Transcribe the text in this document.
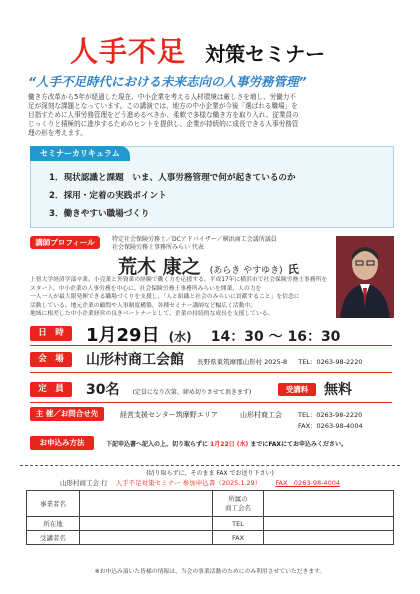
人手不足 対策セミナー
“人手不足時代における未来志向の人事労務管理”
働き方改革から5年が経過した現在、中小企業を考える人材環境は厳しさを増し、労働力不
足が深刻な課題となっています。この講演では、地方の中小企業が今後「選ばれる職場」を
目指すために人事労務管理をどう進めるべきか、柔軟で多様な働き方を取り入れ、従業員の
じっくりと積極的に進歩するためのヒントを提供し、企業が持続的に成長できる人事労務管
理の形を考えます。
セミナーカリキュラム
1．現状認識と課題　いま、人事労務管理で何が起きているのか
2．採用・定着の実践ポイント
3．働きやすい職場づくり
講師プロフィール	特定社会保険労務士／DCアドバイザー／横浜商工会議所議員
社会保険労務士事務所みらい 代表
荒木 康之 (あらき やすゆき) 氏
上智大学経済学部卒業。小売業と外資業の経験で働く方を応援する。平成17年に横浜市で社会保険労務士事務所を
スタート。中小企業の人事労務を中心に、社会保険労務士事務所みらいを開業、人の力を
一人一人が最大限発揮できる職場づくりを支援し、「人と組織と社会のみらいに貢献すること」を信念に
活動している。地元企業の顧問や人事制度構築、各種セミナー講師など幅広く活動中。
地域に根差した中小企業経営の良きパートナーとして、企業の持続的な成長を支援している。
日　時	1月29日 (水) 14：30 〜 16：30
会　場	山形村商工会館 長野県東筑摩郡山形村 2025-8 TEL：0263-98-2220
定　員	30名 (定員になり次第、締め切りさせて頂きます)	受講料	無料
主 催／お問合せ先	経営支援センター筑摩野エリア	山形村商工会 TEL：0263-98-2220
FAX：0263-98-4004
お申込み方法	下記申込書へ記入の上、切り取らずに 1月22日 (水) までにFAXにてお申込みください。
(切り取らずに、そのまま FAX でお送り下さい)
山形村商工会 行 人手不足対策セミナー 参加申込書（2025.1.29） FAX　0263-98-4004
事業者名		所属の
商工会名	
所在地		TEL	
受講者名		FAX	
※お申込み頂いた皆様の情報は、当会の事業活動のためにのみ利用させていただきます。
